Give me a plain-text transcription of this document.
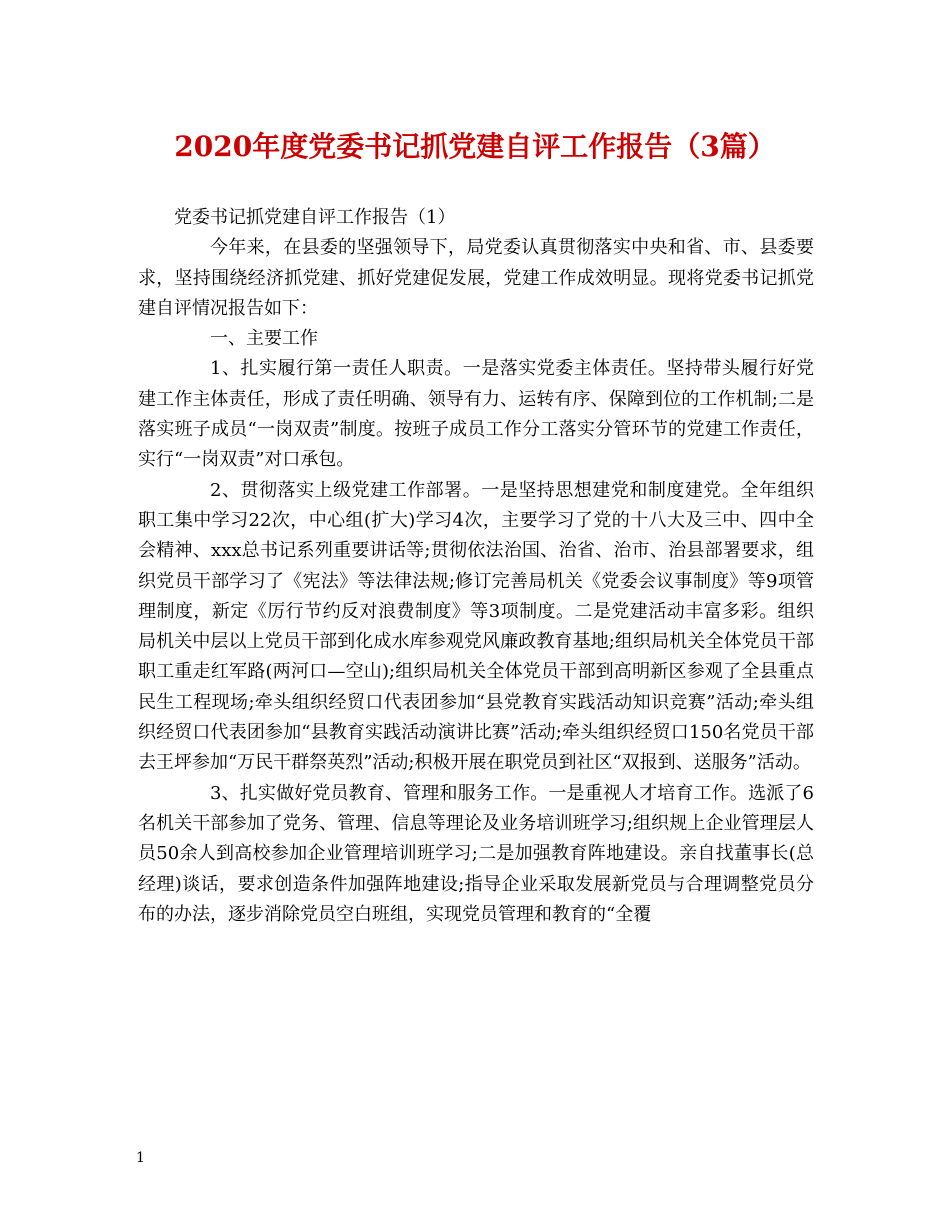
2020年度党委书记抓党建自评工作报告（3篇）

党委书记抓党建自评工作报告（1）

今年来，在县委的坚强领导下，局党委认真贯彻落实中央和省、市、县委要求，坚持围绕经济抓党建、抓好党建促发展，党建工作成效明显。现将党委书记抓党建自评情况报告如下：

一、主要工作

1、扎实履行第一责任人职责。一是落实党委主体责任。坚持带头履行好党建工作主体责任，形成了责任明确、领导有力、运转有序、保障到位的工作机制;二是落实班子成员“一岗双责”制度。按班子成员工作分工落实分管环节的党建工作责任，实行“一岗双责”对口承包。

2、贯彻落实上级党建工作部署。一是坚持思想建党和制度建党。全年组织职工集中学习22次，中心组(扩大)学习4次，主要学习了党的十八大及三中、四中全会精神、xxx总书记系列重要讲话等;贯彻依法治国、治省、治市、治县部署要求，组织党员干部学习了《宪法》等法律法规;修订完善局机关《党委会议事制度》等9项管理制度，新定《厉行节约反对浪费制度》等3项制度。二是党建活动丰富多彩。组织局机关中层以上党员干部到化成水库参观党风廉政教育基地;组织局机关全体党员干部职工重走红军路(两河口—空山);组织局机关全体党员干部到高明新区参观了全县重点民生工程现场;牵头组织经贸口代表团参加“县党教育实践活动知识竞赛”活动;牵头组织经贸口代表团参加“县教育实践活动演讲比赛”活动;牵头组织经贸口150名党员干部去王坪参加“万民干群祭英烈”活动;积极开展在职党员到社区“双报到、送服务”活动。

3、扎实做好党员教育、管理和服务工作。一是重视人才培育工作。选派了6名机关干部参加了党务、管理、信息等理论及业务培训班学习;组织规上企业管理层人员50余人到高校参加企业管理培训班学习;二是加强教育阵地建设。亲自找董事长(总经理)谈话，要求创造条件加强阵地建设;指导企业采取发展新党员与合理调整党员分布的办法，逐步消除党员空白班组，实现党员管理和教育的“全覆

1
